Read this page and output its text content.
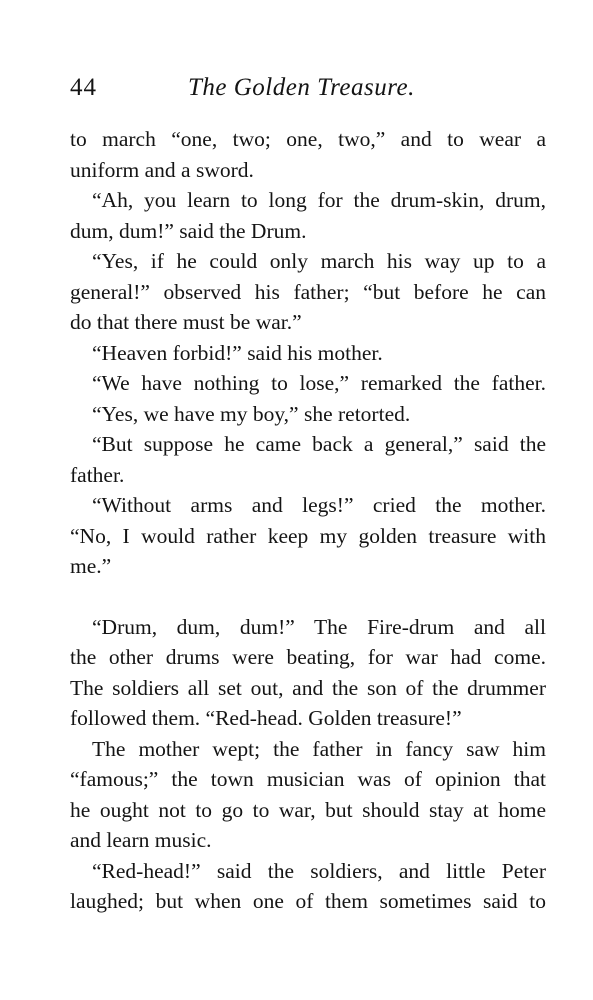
44	The Golden Treasure.
to march “one, two; one, two,” and to wear a
uniform and a sword.
“Ah, you learn to long for the drum-skin, drum,
dum, dum!” said the Drum.
“Yes, if he could only march his way up to a
general!” observed his father; “but before he can
do that there must be war.”
“Heaven forbid!” said his mother.
“We have nothing to lose,” remarked the father.
“Yes, we have my boy,” she retorted.
“But suppose he came back a general,” said the
father.
“Without arms and legs!” cried the mother.
“No, I would rather keep my golden treasure with
me.”
“Drum, dum, dum!” The Fire-drum and all
the other drums were beating, for war had come.
The soldiers all set out, and the son of the drummer
followed them. “Red-head. Golden treasure!”
The mother wept; the father in fancy saw him
“famous;” the town musician was of opinion that
he ought not to go to war, but should stay at home
and learn music.
“Red-head!” said the soldiers, and little Peter
laughed; but when one of them sometimes said to
